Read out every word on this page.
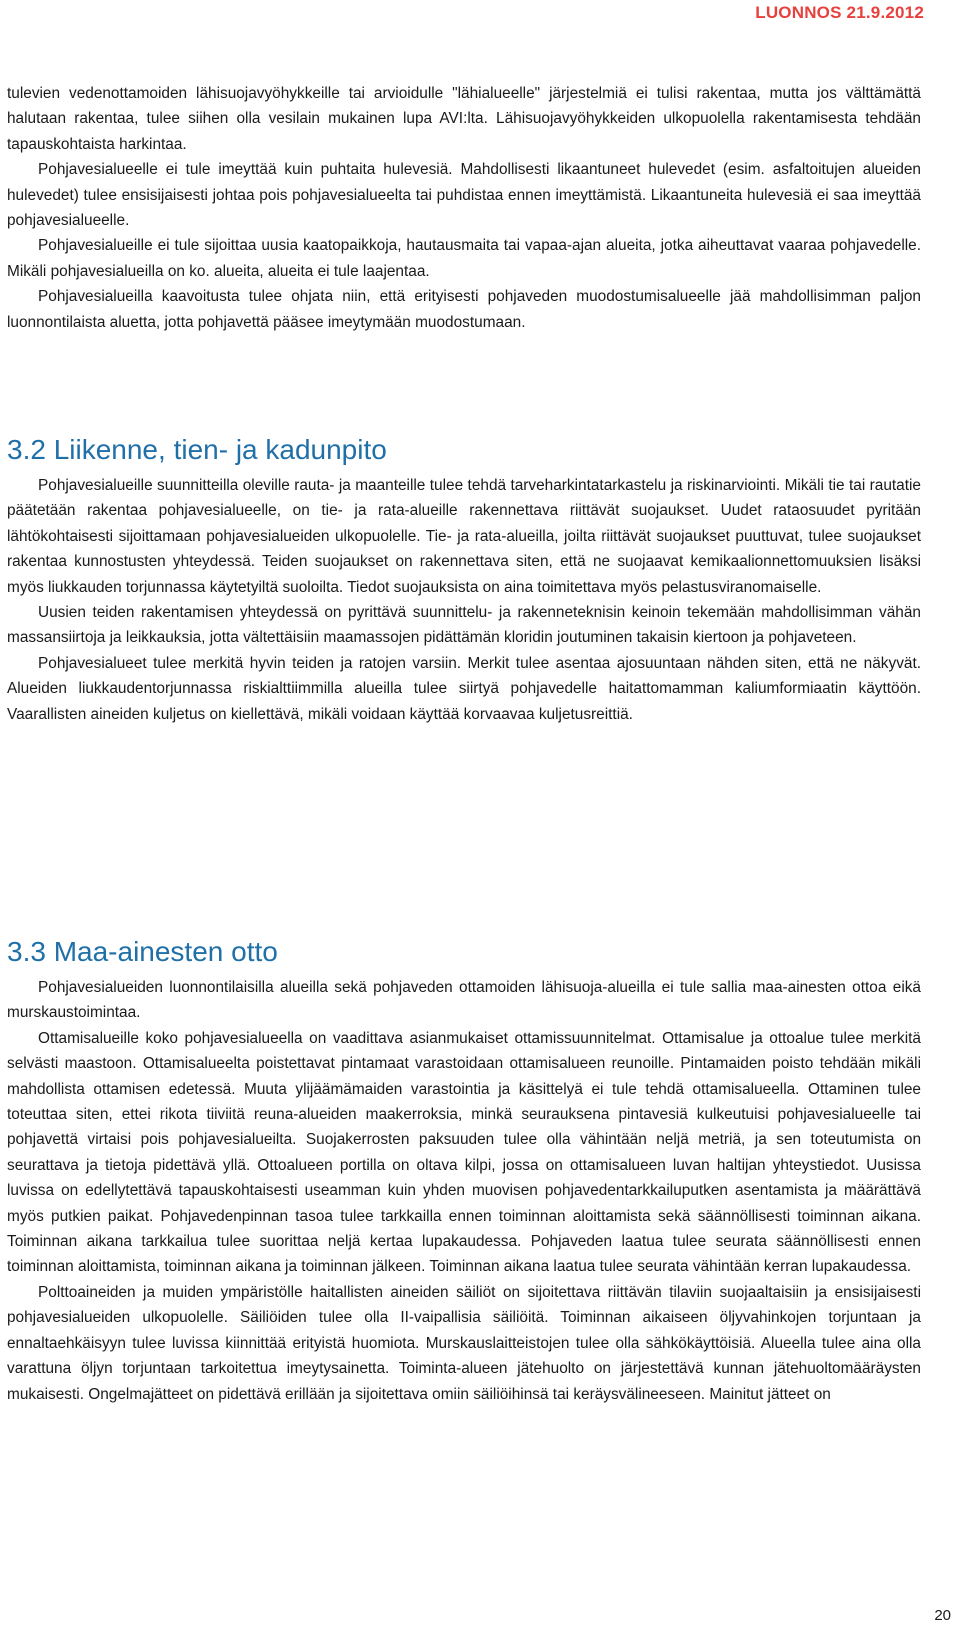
LUONNOS 21.9.2012

tulevien vedenottamoiden lähisuojavyöhykkeille tai arvioidulle "lähialueelle" järjestelmiä ei tulisi rakentaa, mutta jos välttämättä halutaan rakentaa, tulee siihen olla vesilain mukainen lupa AVI:lta. Lähisuojavyöhykkeiden ulkopuolella rakentamisesta tehdään tapauskohtaista harkintaa.

Pohjavesialueelle ei tule imeyttää kuin puhtaita hulevesiä. Mahdollisesti likaantuneet hulevedet (esim. asfaltoitujen alueiden hulevedet) tulee ensisijaisesti johtaa pois pohjavesialueelta tai puhdistaa ennen imeyttämistä. Likaantuneita hulevesiä ei saa imeyttää pohjavesialueelle.

Pohjavesialueille ei tule sijoittaa uusia kaatopaikkoja, hautausmaita tai vapaa-ajan alueita, jotka aiheuttavat vaaraa pohjavedelle. Mikäli pohjavesialueilla on ko. alueita, alueita ei tule laajentaa.

Pohjavesialueilla kaavoitusta tulee ohjata niin, että erityisesti pohjaveden muodostumisalueelle jää mahdollisimman paljon luonnontilaista aluetta, jotta pohjavettä pääsee imeytymään muodostumaan.

3.2 Liikenne, tien- ja kadunpito

Pohjavesialueille suunnitteilla oleville rauta- ja maanteille tulee tehdä tarveharkintatarkastelu ja riskinarviointi. Mikäli tie tai rautatie päätetään rakentaa pohjavesialueelle, on tie- ja rata-alueille rakennettava riittävät suojaukset. Uudet rataosuudet pyritään lähtökohtaisesti sijoittamaan pohjavesialueiden ulkopuolelle. Tie- ja rata-alueilla, joilta riittävät suojaukset puuttuvat, tulee suojaukset rakentaa kunnostusten yhteydessä. Teiden suojaukset on rakennettava siten, että ne suojaavat kemikaalionnettomuuksien lisäksi myös liukkauden torjunnassa käytetyiltä suoloilta. Tiedot suojauksista on aina toimitettava myös pelastusviranomaiselle.

Uusien teiden rakentamisen yhteydessä on pyrittävä suunnittelu- ja rakenneteknisin keinoin tekemään mahdollisimman vähän massansiirtoja ja leikkauksia, jotta vältettäisiin maamassojen pidättämän kloridin joutuminen takaisin kiertoon ja pohjaveteen.

Pohjavesialueet tulee merkitä hyvin teiden ja ratojen varsiin. Merkit tulee asentaa ajosuuntaan nähden siten, että ne näkyvät. Alueiden liukkaudentorjunnassa riskialttiimmilla alueilla tulee siirtyä pohjavedelle haitattomamman kaliumformiaatin käyttöön. Vaarallisten aineiden kuljetus on kiellettävä, mikäli voidaan käyttää korvaavaa kuljetusreittiä.

3.3 Maa-ainesten otto

Pohjavesialueiden luonnontilaisilla alueilla sekä pohjaveden ottamoiden lähisuoja-alueilla ei tule sallia maa-ainesten ottoa eikä murskaustoimintaa.

Ottamisalueille koko pohjavesialueella on vaadittava asianmukaiset ottamissuunnitelmat. Ottamisalue ja ottoalue tulee merkitä selvästi maastoon. Ottamisalueelta poistettavat pintamaat varastoidaan ottamisalueen reunoille. Pintamaiden poisto tehdään mikäli mahdollista ottamisen edetessä. Muuta ylijäämämaiden varastointia ja käsittelyä ei tule tehdä ottamisalueella. Ottaminen tulee toteuttaa siten, ettei rikota tiiviitä reuna-alueiden maakerroksia, minkä seurauksena pintavesiä kulkeutuisi pohjavesialueelle tai pohjavettä virtaisi pois pohjavesialueilta. Suojakerrosten paksuuden tulee olla vähintään neljä metriä, ja sen toteutumista on seurattava ja tietoja pidettävä yllä. Ottoalueen portilla on oltava kilpi, jossa on ottamisalueen luvan haltijan yhteystiedot. Uusissa luvissa on edellytettävä tapauskohtaisesti useamman kuin yhden muovisen pohjavedentarkkailuputken asentamista ja määrättävä myös putkien paikat. Pohjavedenpinnan tasoa tulee tarkkailla ennen toiminnan aloittamista sekä säännöllisesti toiminnan aikana. Toiminnan aikana tarkkailua tulee suorittaa neljä kertaa lupakaudessa. Pohjaveden laatua tulee seurata säännöllisesti ennen toiminnan aloittamista, toiminnan aikana ja toiminnan jälkeen. Toiminnan aikana laatua tulee seurata vähintään kerran lupakaudessa.

Polttoaineiden ja muiden ympäristölle haitallisten aineiden säiliöt on sijoitettava riittävän tilaviin suojaaltaisiin ja ensisijaisesti pohjavesialueiden ulkopuolelle. Säiliöiden tulee olla II-vaipallisia säiliöitä. Toiminnan aikaiseen öljyvahinkojen torjuntaan ja ennaltaehkäisyyn tulee luvissa kiinnittää erityistä huomiota. Murskauslaitteistojen tulee olla sähkökäyttöisiä. Alueella tulee aina olla varattuna öljyn torjuntaan tarkoitettua imeytysainetta. Toiminta-alueen jätehuolto on järjestettävä kunnan jätehuoltomääräysten mukaisesti. Ongelmajätteet on pidettävä erillään ja sijoitettava omiin säiliöihinsä tai keräysvälineeseen. Mainitut jätteet on

20
